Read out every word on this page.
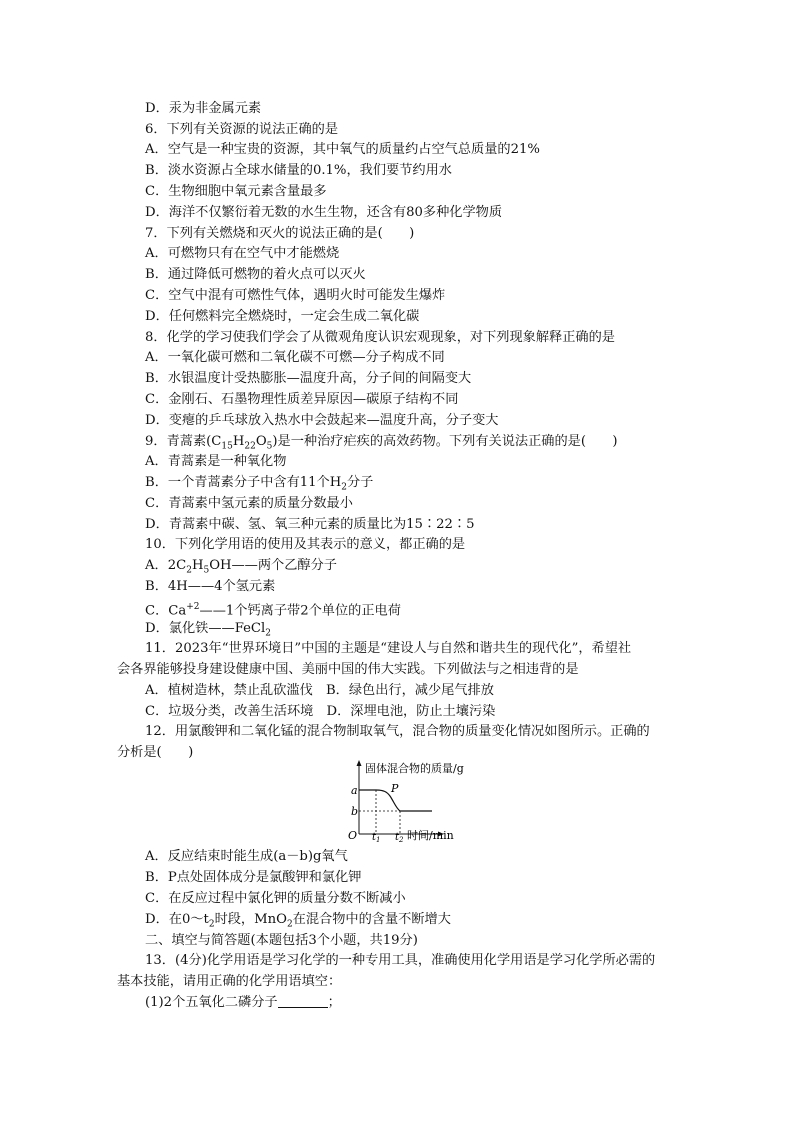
D．汞为非金属元素
6．下列有关资源的说法正确的是
A．空气是一种宝贵的资源，其中氧气的质量约占空气总质量的21%
B．淡水资源占全球水储量的0.1%，我们要节约用水
C．生物细胞中氧元素含量最多
D．海洋不仅繁衍着无数的水生生物，还含有80多种化学物质
7．下列有关燃烧和灭火的说法正确的是(　　)
A．可燃物只有在空气中才能燃烧
B．通过降低可燃物的着火点可以灭火
C．空气中混有可燃性气体，遇明火时可能发生爆炸
D．任何燃料完全燃烧时，一定会生成二氧化碳
8．化学的学习使我们学会了从微观角度认识宏观现象，对下列现象解释正确的是
A．一氧化碳可燃和二氧化碳不可燃—分子构成不同
B．水银温度计受热膨胀—温度升高，分子间的间隔变大
C．金刚石、石墨物理性质差异原因—碳原子结构不同
D．变瘪的乒乓球放入热水中会鼓起来—温度升高，分子变大
9．青蒿素$(C_{15}H_{22}O_5)$是一种治疗疟疾的高效药物。下列有关说法正确的是(　　)
A．青蒿素是一种氧化物
B．一个青蒿素分子中含有11个$H_2$分子
C．青蒿素中氢元素的质量分数最小
D．青蒿素中碳、氢、氧三种元素的质量比为15∶22∶5
10．下列化学用语的使用及其表示的意义，都正确的是
A．$2C_2H_5OH——$两个乙醇分子
B．4H——4个氢元素
C．$Ca^{+2}——1$个钙离子带2个单位的正电荷
D．氯化铁——FeCl$_2$
11．2023年“世界环境日”中国的主题是“建设人与自然和谐共生的现代化”，希望社
会各界能够投身建设健康中国、美丽中国的伟大实践。下列做法与之相违背的是
A．植树造林，禁止乱砍滥伐　B．绿色出行，减少尾气排放
C．垃圾分类，改善生活环境　D．深埋电池，防止土壤污染
12．用氯酸钾和二氧化锰的混合物制取氧气，混合物的质量变化情况如图所示。正确的
分析是(　　)
固体混合物的质量/g
时间/min
O
a
b
$t_1$ $t_2$
P
A．反应结束时能生成(a－b)g氧气
B．P点处固体成分是氯酸钾和氯化钾
C．在反应过程中氯化钾的质量分数不断减小
D．在$0\sim t_2$时段，MnO$_2$在混合物中的含量不断增大
二、填空与简答题(本题包括3个小题，共19分)
13．(4分)化学用语是学习化学的一种专用工具，准确使用化学用语是学习化学所必需的
基本技能，请用正确的化学用语填空：
(1)2个五氧化二磷分子	；
